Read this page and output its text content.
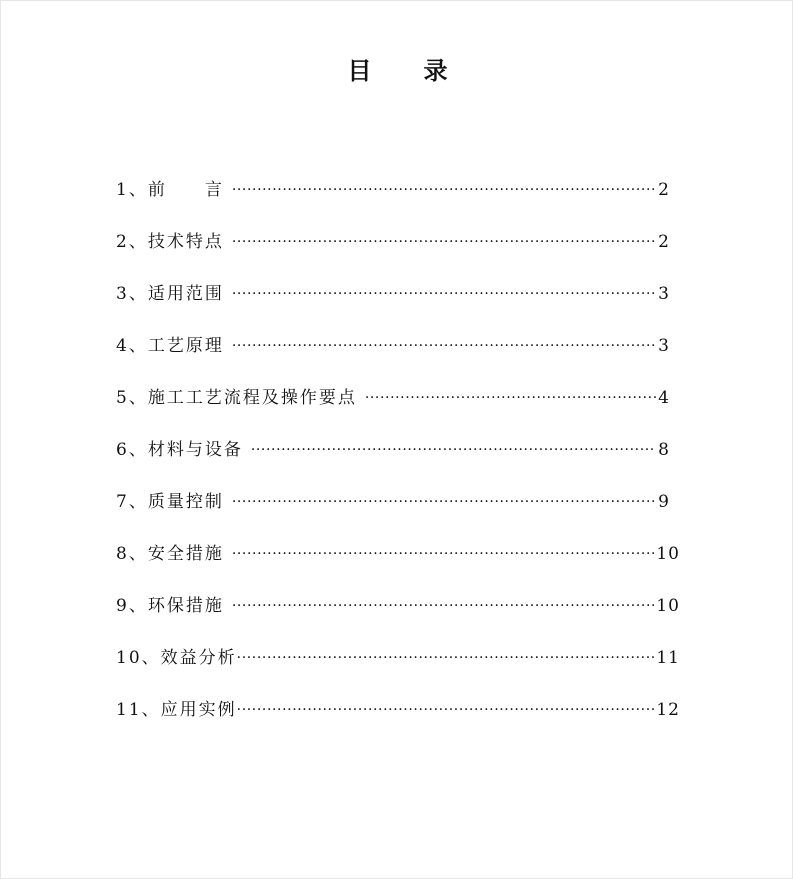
目录
1、 前　　言 ·····	2
2、 技术特点 ·····	2
3、 适用范围 ·····	3
4、 工艺原理 ·····	3
5、 施工工艺流程及操作要点 ·····	4
6、 材料与设备 ·····	8
7、 质量控制 ·····	9
8、 安全措施 ·····	10
9、 环保措施 ·····	10
10、 效益分析 ·····	11
11、 应用实例 ·····	12
